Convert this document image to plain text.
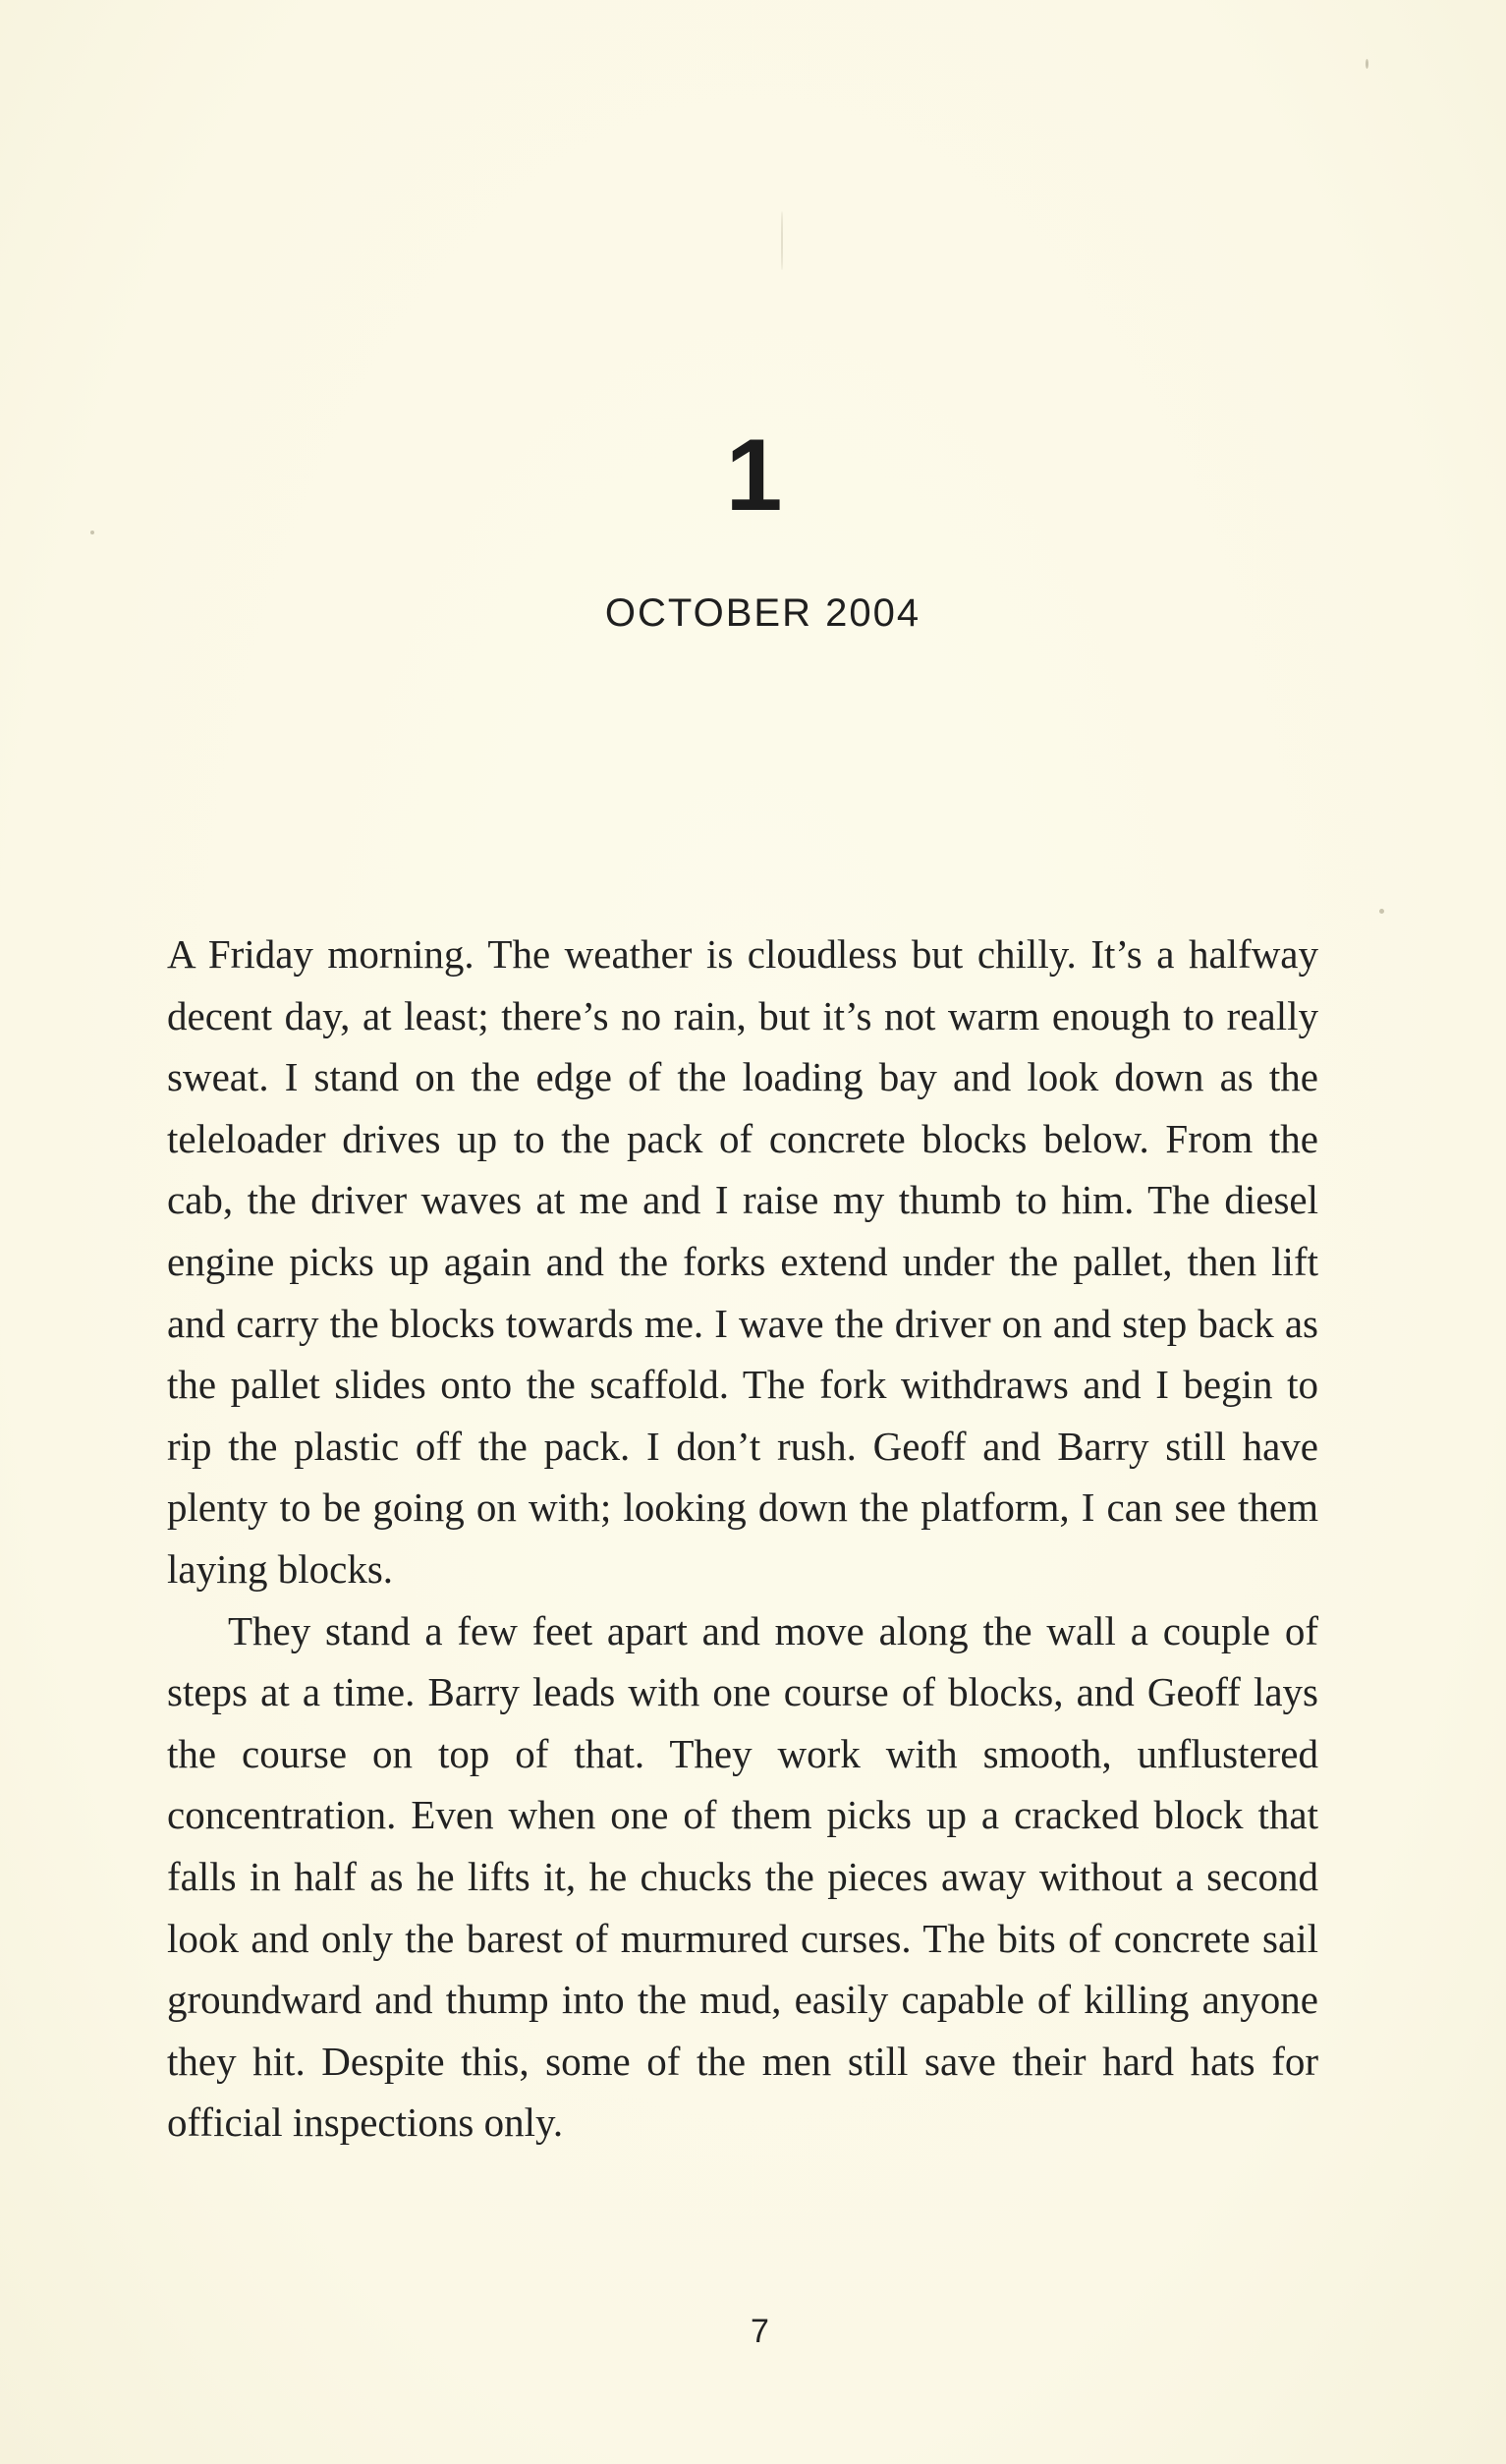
1
OCTOBER 2004

A Friday morning. The weather is cloudless but chilly. It’s a halfway decent day, at least; there’s no rain, but it’s not warm enough to really sweat. I stand on the edge of the loading bay and look down as the teleloader drives up to the pack of concrete blocks below. From the cab, the driver waves at me and I raise my thumb to him. The diesel engine picks up again and the forks extend under the pallet, then lift and carry the blocks towards me. I wave the driver on and step back as the pallet slides onto the scaffold. The fork withdraws and I begin to rip the plastic off the pack. I don’t rush. Geoff and Barry still have plenty to be going on with; looking down the platform, I can see them laying blocks.

They stand a few feet apart and move along the wall a couple of steps at a time. Barry leads with one course of blocks, and Geoff lays the course on top of that. They work with smooth, unflustered concentration. Even when one of them picks up a cracked block that falls in half as he lifts it, he chucks the pieces away without a second look and only the barest of murmured curses. The bits of concrete sail groundward and thump into the mud, easily capable of killing anyone they hit. Despite this, some of the men still save their hard hats for official inspections only.

7
